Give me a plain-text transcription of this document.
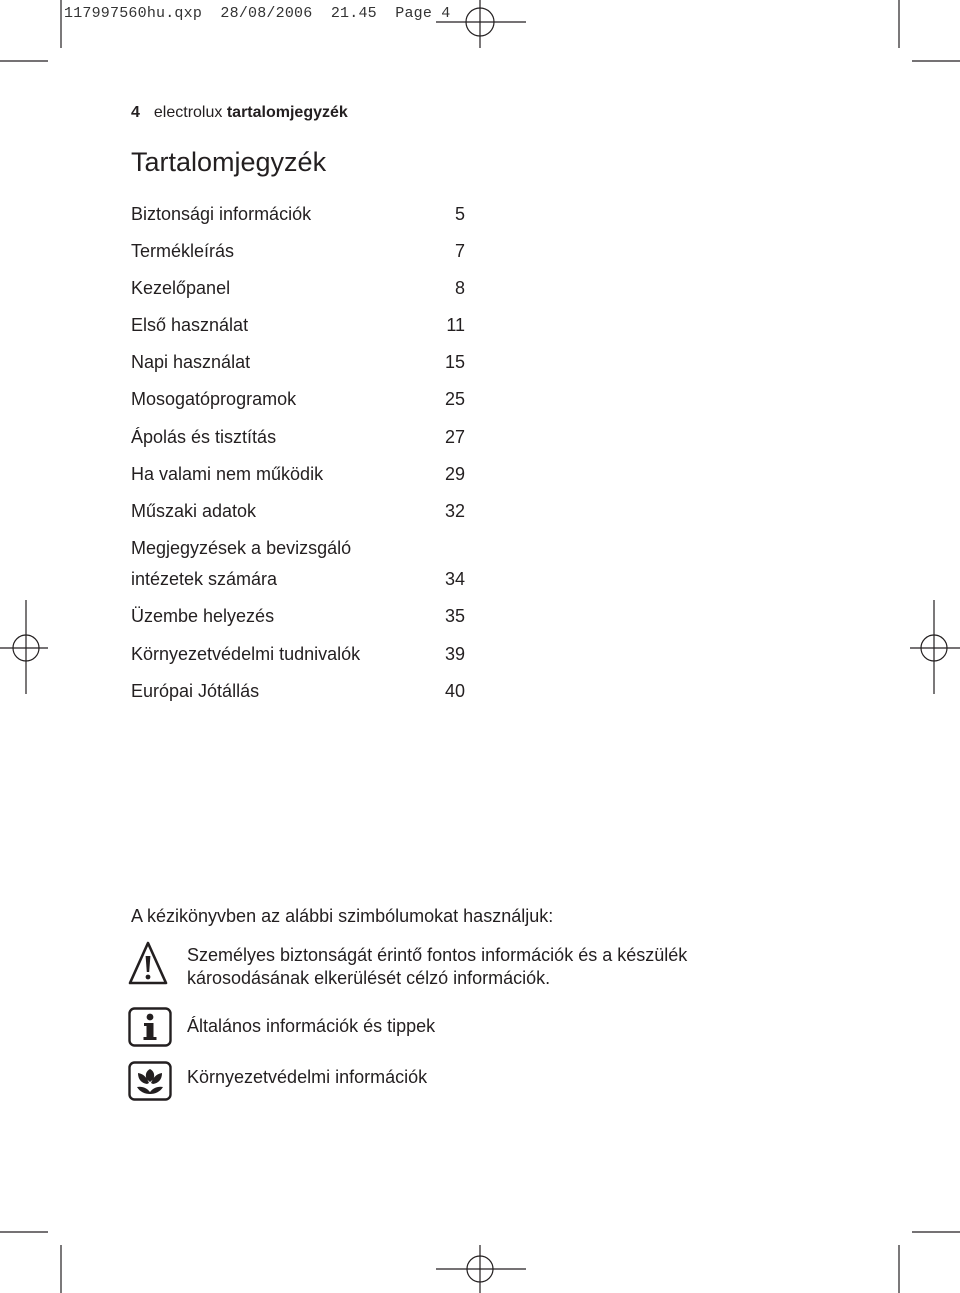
117997560hu.qxp  28/08/2006  21.45  Page 4
4 electrolux tartalomjegyzék
Tartalomjegyzék
Biztonsági információk	5
Termékleírás	7
Kezelőpanel	8
Első használat	11
Napi használat	15
Mosogatóprogramok	25
Ápolás és tisztítás	27
Ha valami nem működik	29
Műszaki adatok	32
Megjegyzések a bevizsgáló
intézetek számára	34
Üzembe helyezés	35
Környezetvédelmi tudnivalók	39
Európai Jótállás	40
A kézikönyvben az alábbi szimbólumokat használjuk:
Személyes biztonságát érintő fontos információk és a készülék
károsodásának elkerülését célzó információk.
Általános információk és tippek
Környezetvédelmi információk
